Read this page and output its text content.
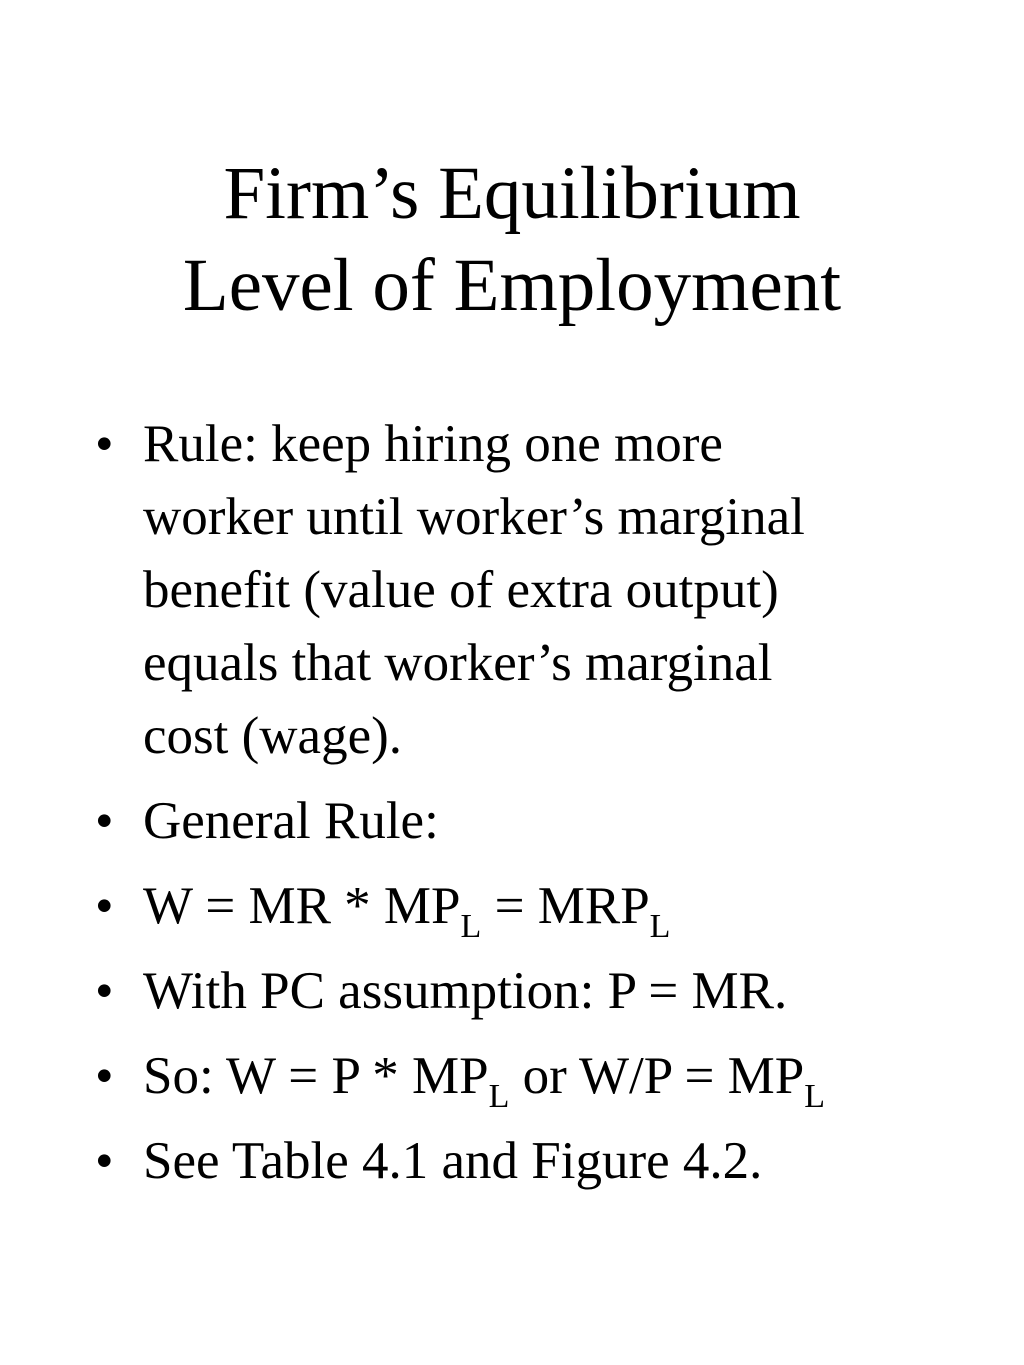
Firm’s Equilibrium
Level of Employment
• Rule: keep hiring one more
worker until worker’s marginal
benefit (value of extra output)
equals that worker’s marginal
cost (wage).
• General Rule:
• W = MR * $MP_L = MRP_L$
• With PC assumption: P = MR.
• So: $W = P * MP_L$ or $W/P = MP_L$
• See Table 4.1 and Figure 4.2.
